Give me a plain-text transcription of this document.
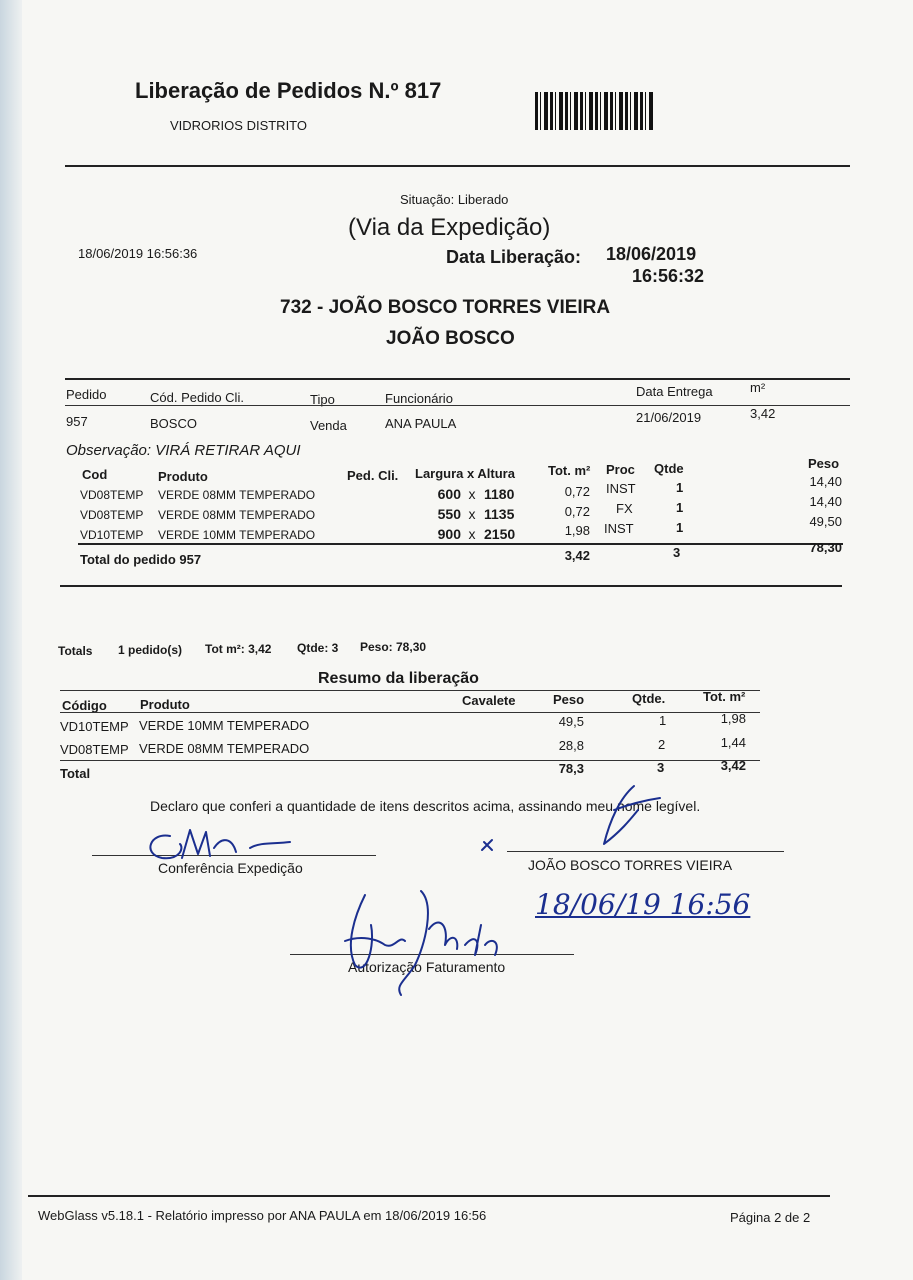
Liberação de Pedidos N.º 817
VIDRORIOS DISTRITO
Situação: Liberado
(Via da Expedição)
18/06/2019 16:56:36	Data Liberação: 18/06/2019
16:56:32
732 - JOÃO BOSCO TORRES VIEIRA
JOÃO BOSCO
Pedido	Cód. Pedido Cli.	Tipo	Funcionário	Data Entrega	m²
957	BOSCO	Venda	ANA PAULA	21/06/2019	3,42
Observação: VIRÁ RETIRAR AQUI
Cod	Produto	Ped. Cli. Largura x Altura	Tot. m² Proc Qtde	Peso
VD08TEMP VERDE 08MM TEMPERADO	600 x 1180	0,72 INST	1	14,40
VD08TEMP VERDE 08MM TEMPERADO	550 x 1135	0,72 FX	1	14,40
VD10TEMP VERDE 10MM TEMPERADO	900 x 2150	1,98 INST	1	49,50
Total do pedido 957	3,42	3	78,30
Totals 1 pedido(s) Tot m²: 3,42 Qtde: 3 Peso: 78,30
Resumo da liberação
Código	Produto	Cavalete	Peso	Qtde.	Tot. m²
VD10TEMP VERDE 10MM TEMPERADO	49,5	1	1,98
VD08TEMP VERDE 08MM TEMPERADO	28,8	2	1,44
Total	78,3	3	3,42
Declaro que conferi a quantidade de itens descritos acima, assinando meu nome legível.
Conferência Expedição	JOÃO BOSCO TORRES VIEIRA
18/06/19 16:56
Autorização Faturamento
WebGlass v5.18.1 - Relatório impresso por ANA PAULA em 18/06/2019 16:56	Página 2 de 2
